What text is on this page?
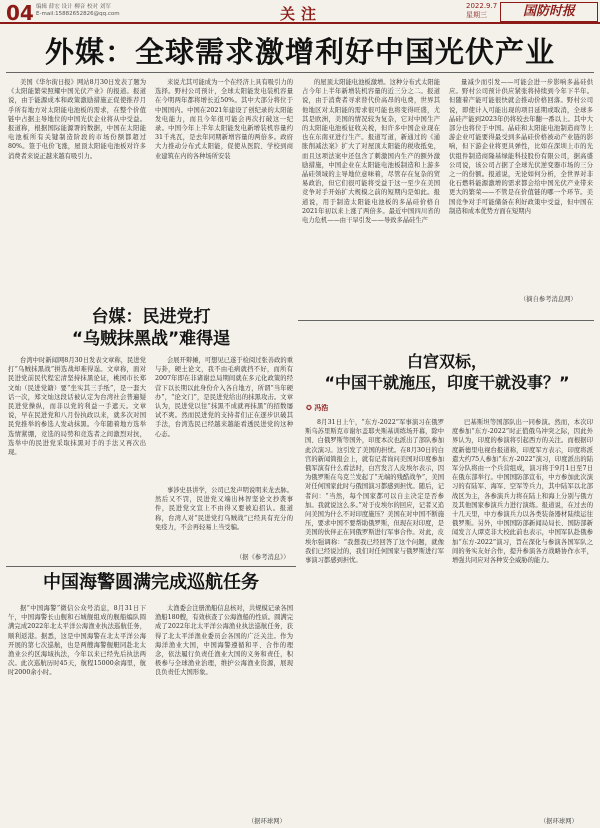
04 编辑 薛宏 设计 柳音 校对 刘军
E-mail:15882652826@qq.com	关注	2022.9.7
星期三	国防时报
外媒：全球需求激增利好中国光伏产业

美国《华尔街日报》网站8月30日发表了题为《太阳能繁荣照耀中国光伏产业》的报道。报道说，由于能源成本和政策激励措施正促使推荐月乎所有地方对太阳能电池板的需求，在整个价值链中占据主导地位的中国光伏企业将从中受益。报道称，根据国际能源署的数据，中国在太阳能电池板所有关键制造阶段的市场份额都超过80%。签于电价飞涨，屋顶太阳能电池板对许多消费者来说正越来越有吸引力。

来说尤其可能成为一个在经济上具有吸引力的选择。野村公司预计，全球太阳能发电装机容量在今明两年都将增长近50%。其中大部分将位于中国国内。中国在2021年建设了创纪录的太阳能发电能力，而且今年很可能会再次打破这一纪录。中国今年上半年太阳能发电新增装机容量约31千兆瓦，是去年同期新增容量的两倍多。政府大力推动分布式太阳能，促使从医院、学校到商业建筑在内的各种场所安装

的屋顶太阳能电池板激增。这种分布式太阳能占今年上半年新增装机容量的近三分之二。报道说，由于消费者寻求替代价高昂的电费，世界其他地区对太阳能的需求很可能也将变得旺盛，尤其是欧洲，美国的情况较为复杂，它对中国生产的太阳能电池板征收关税，但许多中国企业现在也在东南亚进行生产。报道写道，新通过的《通胀削减法案》扩大了对屋顶太阳能的税收抵免，而且这项法案中还包含了刺激国内生产的额外激励措施，中国企业在太阳能电池板制造和上游多晶硅领域的主导地位意味着，尽管存在复杂的贸易政治，但它们很可能将受益于这一至少在美国竞争对手开始扩大规模之前的短期内是如此。报道说，用于制造太阳能电池板的多晶硅价格自2021年初以来上涨了两倍多。最近中国四川省的电力危机——由干旱引发——导致多晶硅生产

量减少而引发——可能会进一步影响多晶硅供应。野村公司预计供应紧张将持续到今年下半年。但随着产能可能很快就会推动价格回落。野村公司说，即使计入可能出现的项目延期或取消，全球多晶硅产能到2023年仍将较去年翻一番以上。其中大部分也将位于中国。晶硅和太阳能电池制造商等上游企业可能要得最受到多晶硅价格被动产业链的影响，但下游企业将更具弹性，比如在深圳上市的光伏组件制造商隆基绿能科技股份有限公司，据高盛公司说，该公司占据了全球光伏逆变器市场的三分之一的份额。报道说，无论如何分析，全世界对非化石燃料能源激增的需求都会给中国光伏产业带来更大的繁荣——不管是在价值链的哪一个环节。美国竞争对手可能储备在利好政策中受益，但中国在制造和成本优势方面在短期内

（摘自参考消息网）
台媒：民进党打
“乌贼抹黑战”难得逞

台湾中时新闻网8月30日发表文章称，民进党打“乌贼抹黑战”拼选战却难得逞。文章称，面对民进党前民代程宏清坚持抹黑论证，桃园市长郑文灿（民进党籍）要“坐实其三手纸”，是一套大话一次，郑文灿这段话被认定为台湾社会普遍疑民进党操纵，而非以党的利益一手遮天。文章说，早在民进党和八月份执政以来，就多次对国民党推举的参选人发动抹黑。今年随着地方选举选情紧绷，竞选的局势和竞选者之间激烈对抗，选举中的民进党采取抹黑对手的手法又再次出现。

会展开辩摊，可想见已遂于检阅过张善政的重与卦，硬土论文，我不由毛病就挡不好，而所有2007年即在非诸谢总局期间就在多元化政策的经营下以长期以此身份介入各自地方，所谓“当年硬办”，“论文门”，是民进党给出的抹黑攻击。文章认为，民进党以往“抹黑不成就再抹黑”的招数屡试不爽。然而民进党的支持者们正在逐步识破其手法，台湾选民已经越来越能看透民进党的这种心态。

事涉史县讲学，公司已发声明说明来龙去脉。然后又不罚，民进党又端出林智坚论文抄袭事件，民进党文宣上不由得又要被迫招认。报道称，台湾人对“民进党打乌贼战”已经具有充分的免疫力，不会再轻易上当受骗。

（据《参考消息》）
白宫双标，
“中国干就施压，印度干就没事？”
✪ 冯浩

8月31日上午，“东方-2022”军事演习在俄罗斯乌苏里斯克市谢尔盖耶夫斯基训练场开幕，除中国、白俄罗斯等国外，印度本次也派出了部队参加此次演习。这引发了美国的担忧。在8月30日的白宫的新闻简报会上，就有记者询问美国对印度参加俄军演有什么看法时，白宫发言人皮埃尔表示，因为俄罗斯在乌克兰发起了“无端的残酷战争”，美国对任何国家此时与俄国演习都感到担忧。随后，记者问：“当然，每个国家都可以自主决定是否参加。我就说这么多。”对于皮埃尔的回应，记者又追问美国为什么不对印度施压？美国在对中国不断施压，要求中国不要帮助俄罗斯，但现在对印度，是美国的伙伴正在同俄罗斯进行军事合作。对此，皮埃尔强调称：“我想我已经回答了这个问题，就像我们已经说过的，我们对任何国家与俄罗斯进行军事演习都感到担忧。

巴基斯坦等国部队出一同参演。然而，本次印度参加“东方-2022”时正值俄乌冲突之际，因此外界认为，印度的参演将引起西方的关注。而根据印度新德里电视台报道称，印度军方表示，印度将派遣大约75人参加“东方-2022”演习，印度派出的陆军分队将由一个兵营组成，演习将于9月1日至7日在俄东部举行。中国国防部宣布，中方参加此次演习的有陆军、海军、空军等兵力，其中陆军以北部战区为主，各参演兵力将在陆上和海上分别与俄方及其他国家参演兵力进行演练。报道说，在过去的十几天里，中方参演兵力以各类装备器材陆续运往俄罗斯。另外，中国国防部新闻局局长、国防部新闻发言人谭克非大校此前也表示，中国军队赴俄参加“东方-2022”演习，旨在深化与参演各国军队之间的务实友好合作，提升参演各方战略协作水平，增强共同应对各种安全威胁的能力。

（据环球网）
中国海警圆满完成巡航任务

据“中国海警”微信公众号消息，8月31日下午，中国海警长山舰和石城舰组成的舰船编队圆满完成2022年北太平洋公海渔业执法巡航任务，顺利返港。据悉，这是中国海警在北太平洋公海开展的第七次巡航，也是两艘海警舰艇同赴北太渔业公约区海域执法，今年以来已经先后执法两次。此次巡航历时45天，航程15000余海里，航时2000余小时。

太渔委会注册渔船信息核对，共规模记录各国渔船180艘，有效核查了公海渔船的性质。圆满完成了2022年北太平洋公海渔业执法巡航任务，获得了北太平洋渔业委员会各国的广泛关注。作为海洋渔业大国，中国海警遵循和平、合作的理念，依法履行负责任渔业大国的义务和责任，积极参与全球渔业治理，维护公海渔业资源，展现良负责任大国形象。

（据环球网）
